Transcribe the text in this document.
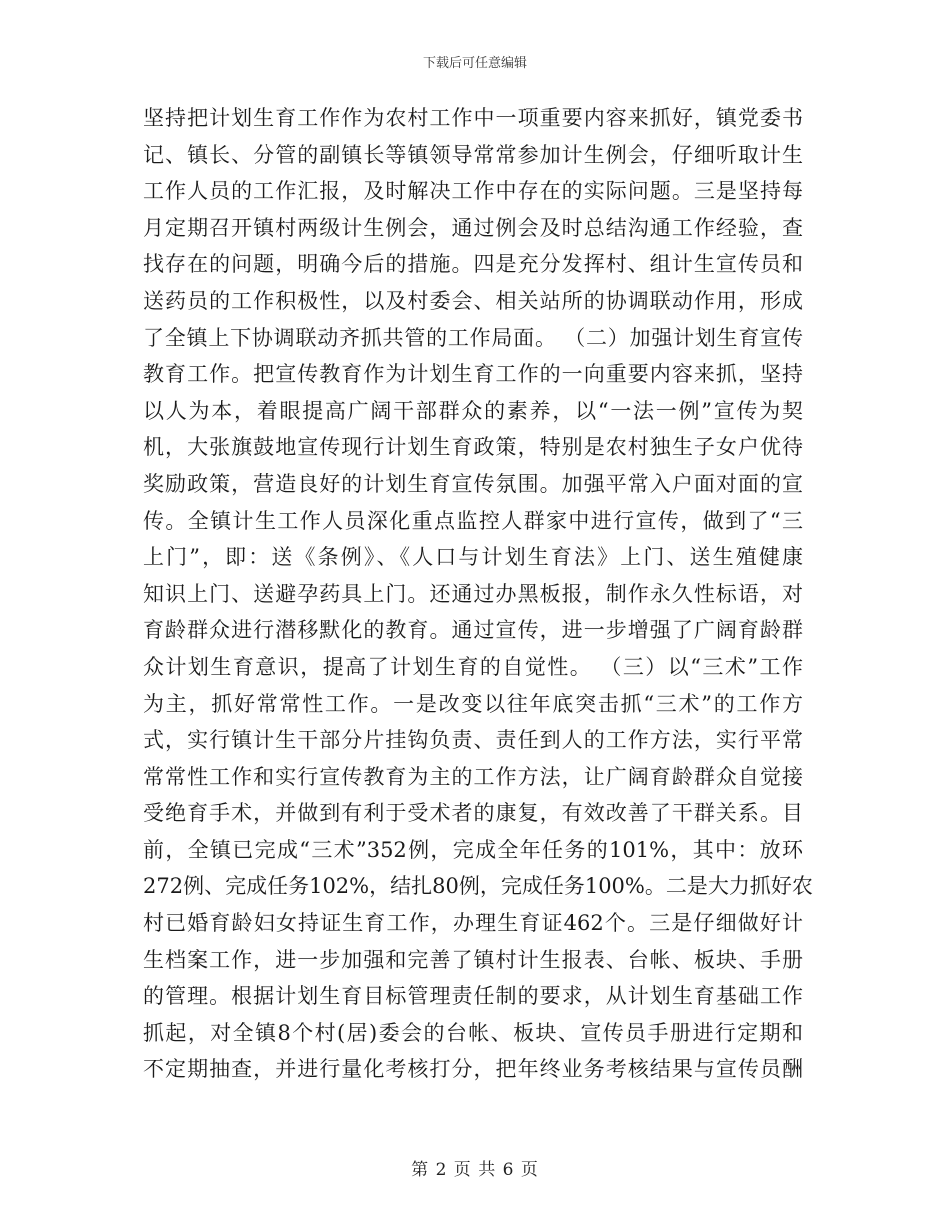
下载后可任意编辑
坚持把计划生育工作作为农村工作中一项重要内容来抓好，镇党委书
记、镇长、分管的副镇长等镇领导常常参加计生例会，仔细听取计生
工作人员的工作汇报，及时解决工作中存在的实际问题。三是坚持每
月定期召开镇村两级计生例会，通过例会及时总结沟通工作经验，查
找存在的问题，明确今后的措施。四是充分发挥村、组计生宣传员和
送药员的工作积极性，以及村委会、相关站所的协调联动作用，形成
了全镇上下协调联动齐抓共管的工作局面。 （二）加强计划生育宣传
教育工作。把宣传教育作为计划生育工作的一向重要内容来抓，坚持
以人为本，着眼提高广阔干部群众的素养，以“一法一例”宣传为契
机，大张旗鼓地宣传现行计划生育政策，特别是农村独生子女户优待
奖励政策，营造良好的计划生育宣传氛围。加强平常入户面对面的宣
传。全镇计生工作人员深化重点监控人群家中进行宣传，做到了“三
上门”，即：送《条例》、《人口与计划生育法》上门、送生殖健康
知识上门、送避孕药具上门。还通过办黑板报，制作永久性标语，对
育龄群众进行潜移默化的教育。通过宣传，进一步增强了广阔育龄群
众计划生育意识，提高了计划生育的自觉性。 （三）以“三术”工作
为主，抓好常常性工作。一是改变以往年底突击抓“三术”的工作方
式，实行镇计生干部分片挂钩负责、责任到人的工作方法，实行平常
常常性工作和实行宣传教育为主的工作方法，让广阔育龄群众自觉接
受绝育手术，并做到有利于受术者的康复，有效改善了干群关系。目
前，全镇已完成“三术”352例，完成全年任务的101%，其中：放环
272例、完成任务102%，结扎80例，完成任务100%。二是大力抓好农
村已婚育龄妇女持证生育工作，办理生育证462个。三是仔细做好计
生档案工作，进一步加强和完善了镇村计生报表、台帐、板块、手册
的管理。根据计划生育目标管理责任制的要求，从计划生育基础工作
抓起，对全镇8个村(居)委会的台帐、板块、宣传员手册进行定期和
不定期抽查，并进行量化考核打分，把年终业务考核结果与宣传员酬
第 2 页 共 6 页
